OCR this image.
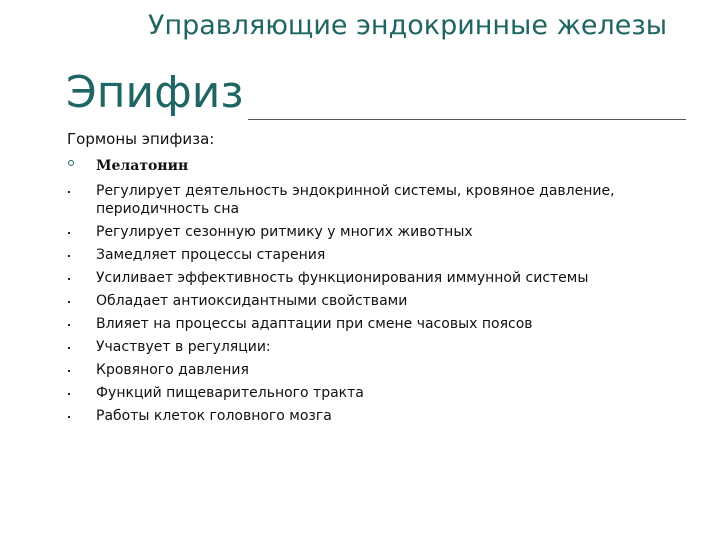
Управляющие эндокринные железы
Эпифиз
Гормоны эпифиза:
Мелатонин
Регулирует деятельность эндокринной системы, кровяное давление, периодичность сна
Регулирует сезонную ритмику у многих животных
Замедляет процессы старения
Усиливает эффективность функционирования иммунной системы
Обладает антиоксидантными свойствами
Влияет на процессы адаптации при смене часовых поясов
Участвует в регуляции:
Кровяного давления
Функций пищеварительного тракта
Работы клеток головного мозга
